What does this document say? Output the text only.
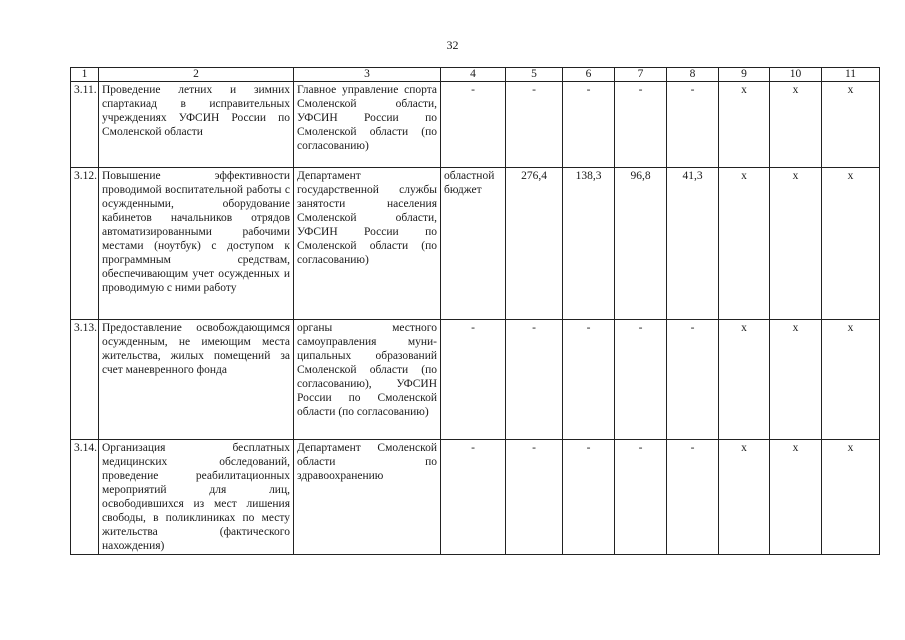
32
1	2	3	4	5	6	7	8	9	10	11
3.11.	Проведение летних и зимних спартакиад в исправительных учреждениях УФСИН России по Смоленской области	Главное управление спорта Смоленской области, УФСИН России по Смоленской области (по согласованию)	-	-	-	-	-	x	x	x
3.12.	Повышение эффективности проводимой воспитательной работы с осужденными, оборудование кабинетов начальников отрядов автоматизированными рабочими местами (ноутбук) с доступом к программным средствам, обеспечивающим учет осужденных и проводимую с ними работу	Департамент государственной службы занятости населения Смоленской области, УФСИН России по Смоленской области (по согласованию)	областной бюджет	276,4	138,3	96,8	41,3	x	x	x
3.13.	Предоставление освобождающимся осужденным, не имеющим места жительства, жилых помещений за счет маневренного фонда	органы местного самоуправления муни-ципальных образований Смоленской области (по согласованию), УФСИН России по Смоленской области (по согласованию)	-	-	-	-	-	x	x	x
3.14.	Организация бесплатных медицинских обследований, проведение реабилитационных мероприятий для лиц, освободившихся из мест лишения свободы, в поликлиниках по месту жительства (фактического нахождения)	Департамент Смоленской области по здравоохранению	-	-	-	-	-	x	x	x
